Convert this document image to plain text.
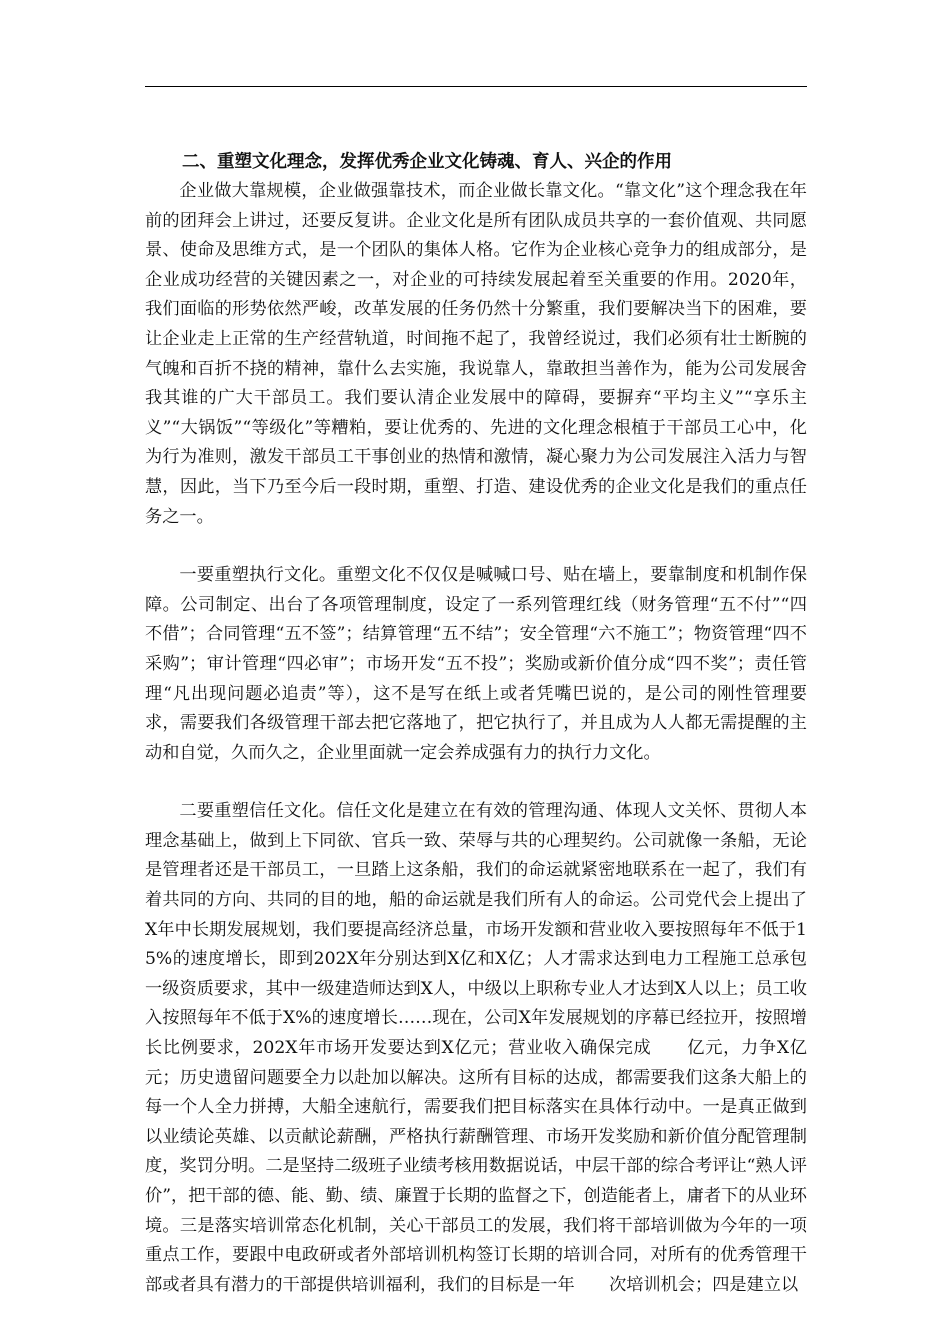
二、重塑文化理念，发挥优秀企业文化铸魂、育人、兴企的作用

企业做大靠规模，企业做强靠技术，而企业做长靠文化。“靠文化”这个理念我在年前的团拜会上讲过，还要反复讲。企业文化是所有团队成员共享的一套价值观、共同愿景、使命及思维方式，是一个团队的集体人格。它作为企业核心竞争力的组成部分，是企业成功经营的关键因素之一，对企业的可持续发展起着至关重要的作用。2020年，我们面临的形势依然严峻，改革发展的任务仍然十分繁重，我们要解决当下的困难，要让企业走上正常的生产经营轨道，时间拖不起了，我曾经说过，我们必须有壮士断腕的气魄和百折不挠的精神，靠什么去实施，我说靠人，靠敢担当善作为，能为公司发展舍我其谁的广大干部员工。我们要认清企业发展中的障碍，要摒弃“平均主义”“享乐主义”“大锅饭”“等级化”等糟粕，要让优秀的、先进的文化理念根植于干部员工心中，化为行为准则，激发干部员工干事创业的热情和激情，凝心聚力为公司发展注入活力与智慧，因此，当下乃至今后一段时期，重塑、打造、建设优秀的企业文化是我们的重点任务之一。

一要重塑执行文化。重塑文化不仅仅是喊喊口号、贴在墙上，要靠制度和机制作保障。公司制定、出台了各项管理制度，设定了一系列管理红线（财务管理“五不付”“四不借”；合同管理“五不签”；结算管理“五不结”；安全管理“六不施工”；物资管理“四不采购”；审计管理“四必审”；市场开发“五不投”；奖励或新价值分成“四不奖”；责任管理“凡出现问题必追责”等），这不是写在纸上或者凭嘴巴说的，是公司的刚性管理要求，需要我们各级管理干部去把它落地了，把它执行了，并且成为人人都无需提醒的主动和自觉，久而久之，企业里面就一定会养成强有力的执行力文化。

二要重塑信任文化。信任文化是建立在有效的管理沟通、体现人文关怀、贯彻人本理念基础上，做到上下同欲、官兵一致、荣辱与共的心理契约。公司就像一条船，无论是管理者还是干部员工，一旦踏上这条船，我们的命运就紧密地联系在一起了，我们有着共同的方向、共同的目的地，船的命运就是我们所有人的命运。公司党代会上提出了X年中长期发展规划，我们要提高经济总量，市场开发额和营业收入要按照每年不低于15%的速度增长，即到202X年分别达到X亿和X亿；人才需求达到电力工程施工总承包一级资质要求，其中一级建造师达到X人，中级以上职称专业人才达到X人以上；员工收入按照每年不低于X%的速度增长……现在，公司X年发展规划的序幕已经拉开，按照增长比例要求，202X年市场开发要达到X亿元；营业收入确保完成　　亿元，力争X亿元；历史遗留问题要全力以赴加以解决。这所有目标的达成，都需要我们这条大船上的每一个人全力拼搏，大船全速航行，需要我们把目标落实在具体行动中。一是真正做到以业绩论英雄、以贡献论薪酬，严格执行薪酬管理、市场开发奖励和新价值分配管理制度，奖罚分明。二是坚持二级班子业绩考核用数据说话，中层干部的综合考评让“熟人评价”，把干部的德、能、勤、绩、廉置于长期的监督之下，创造能者上，庸者下的从业环境。三是落实培训常态化机制，关心干部员工的发展，我们将干部培训做为今年的一项重点工作，要跟中电政研或者外部培训机构签订长期的培训合同，对所有的优秀管理干部或者具有潜力的干部提供培训福利，我们的目标是一年　　次培训机会；四是建立以
